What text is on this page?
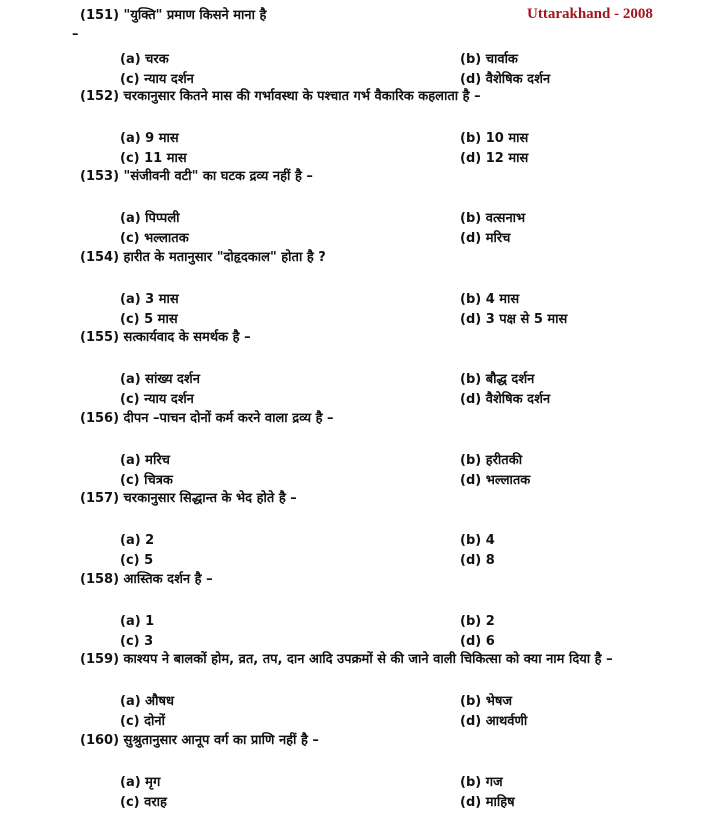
Uttarakhand - 2008
–
(151) "युक्ति" प्रमाण किसने माना है
(a) चरक	(b) चार्वाक
(c) न्याय दर्शन	(d) वैशेषिक दर्शन
(152) चरकानुसार कितने मास की गर्भावस्था के पश्चात गर्भ वैकारिक कहलाता है –
(a) 9 मास	(b) 10 मास
(c) 11 मास	(d) 12 मास
(153) "संजीवनी वटी" का घटक द्रव्य नहीं है –
(a) पिप्पली	(b) वत्सनाभ
(c) भल्लातक	(d) मरिच
(154) हारीत के मतानुसार "दोहृदकाल" होता है ?
(a) 3 मास	(b) 4 मास
(c) 5 मास	(d) 3 पक्ष से 5 मास
(155) सत्कार्यवाद के समर्थक है –
(a) सांख्य दर्शन	(b) बौद्ध दर्शन
(c) न्याय दर्शन	(d) वैशेषिक दर्शन
(156) दीपन –पाचन दोनों कर्म करने वाला द्रव्य है –
(a) मरिच	(b) हरीतकी
(c) चित्रक	(d) भल्लातक
(157) चरकानुसार सिद्धान्त के भेद होते है –
(a) 2	(b) 4
(c) 5	(d) 8
(158) आस्तिक दर्शन है –
(a) 1	(b) 2
(c) 3	(d) 6
(159) काश्यप ने बालकों होम, व्रत, तप, दान आदि उपक्रमों से की जाने वाली चिकित्सा को क्या नाम दिया है –
(a) औषध	(b) भेषज
(c) दोनों	(d) आथर्वणी
(160) सुश्रुतानुसार आनूप वर्ग का प्राणि नहीं है –
(a) मृग	(b) गज
(c) वराह	(d) माहिष
